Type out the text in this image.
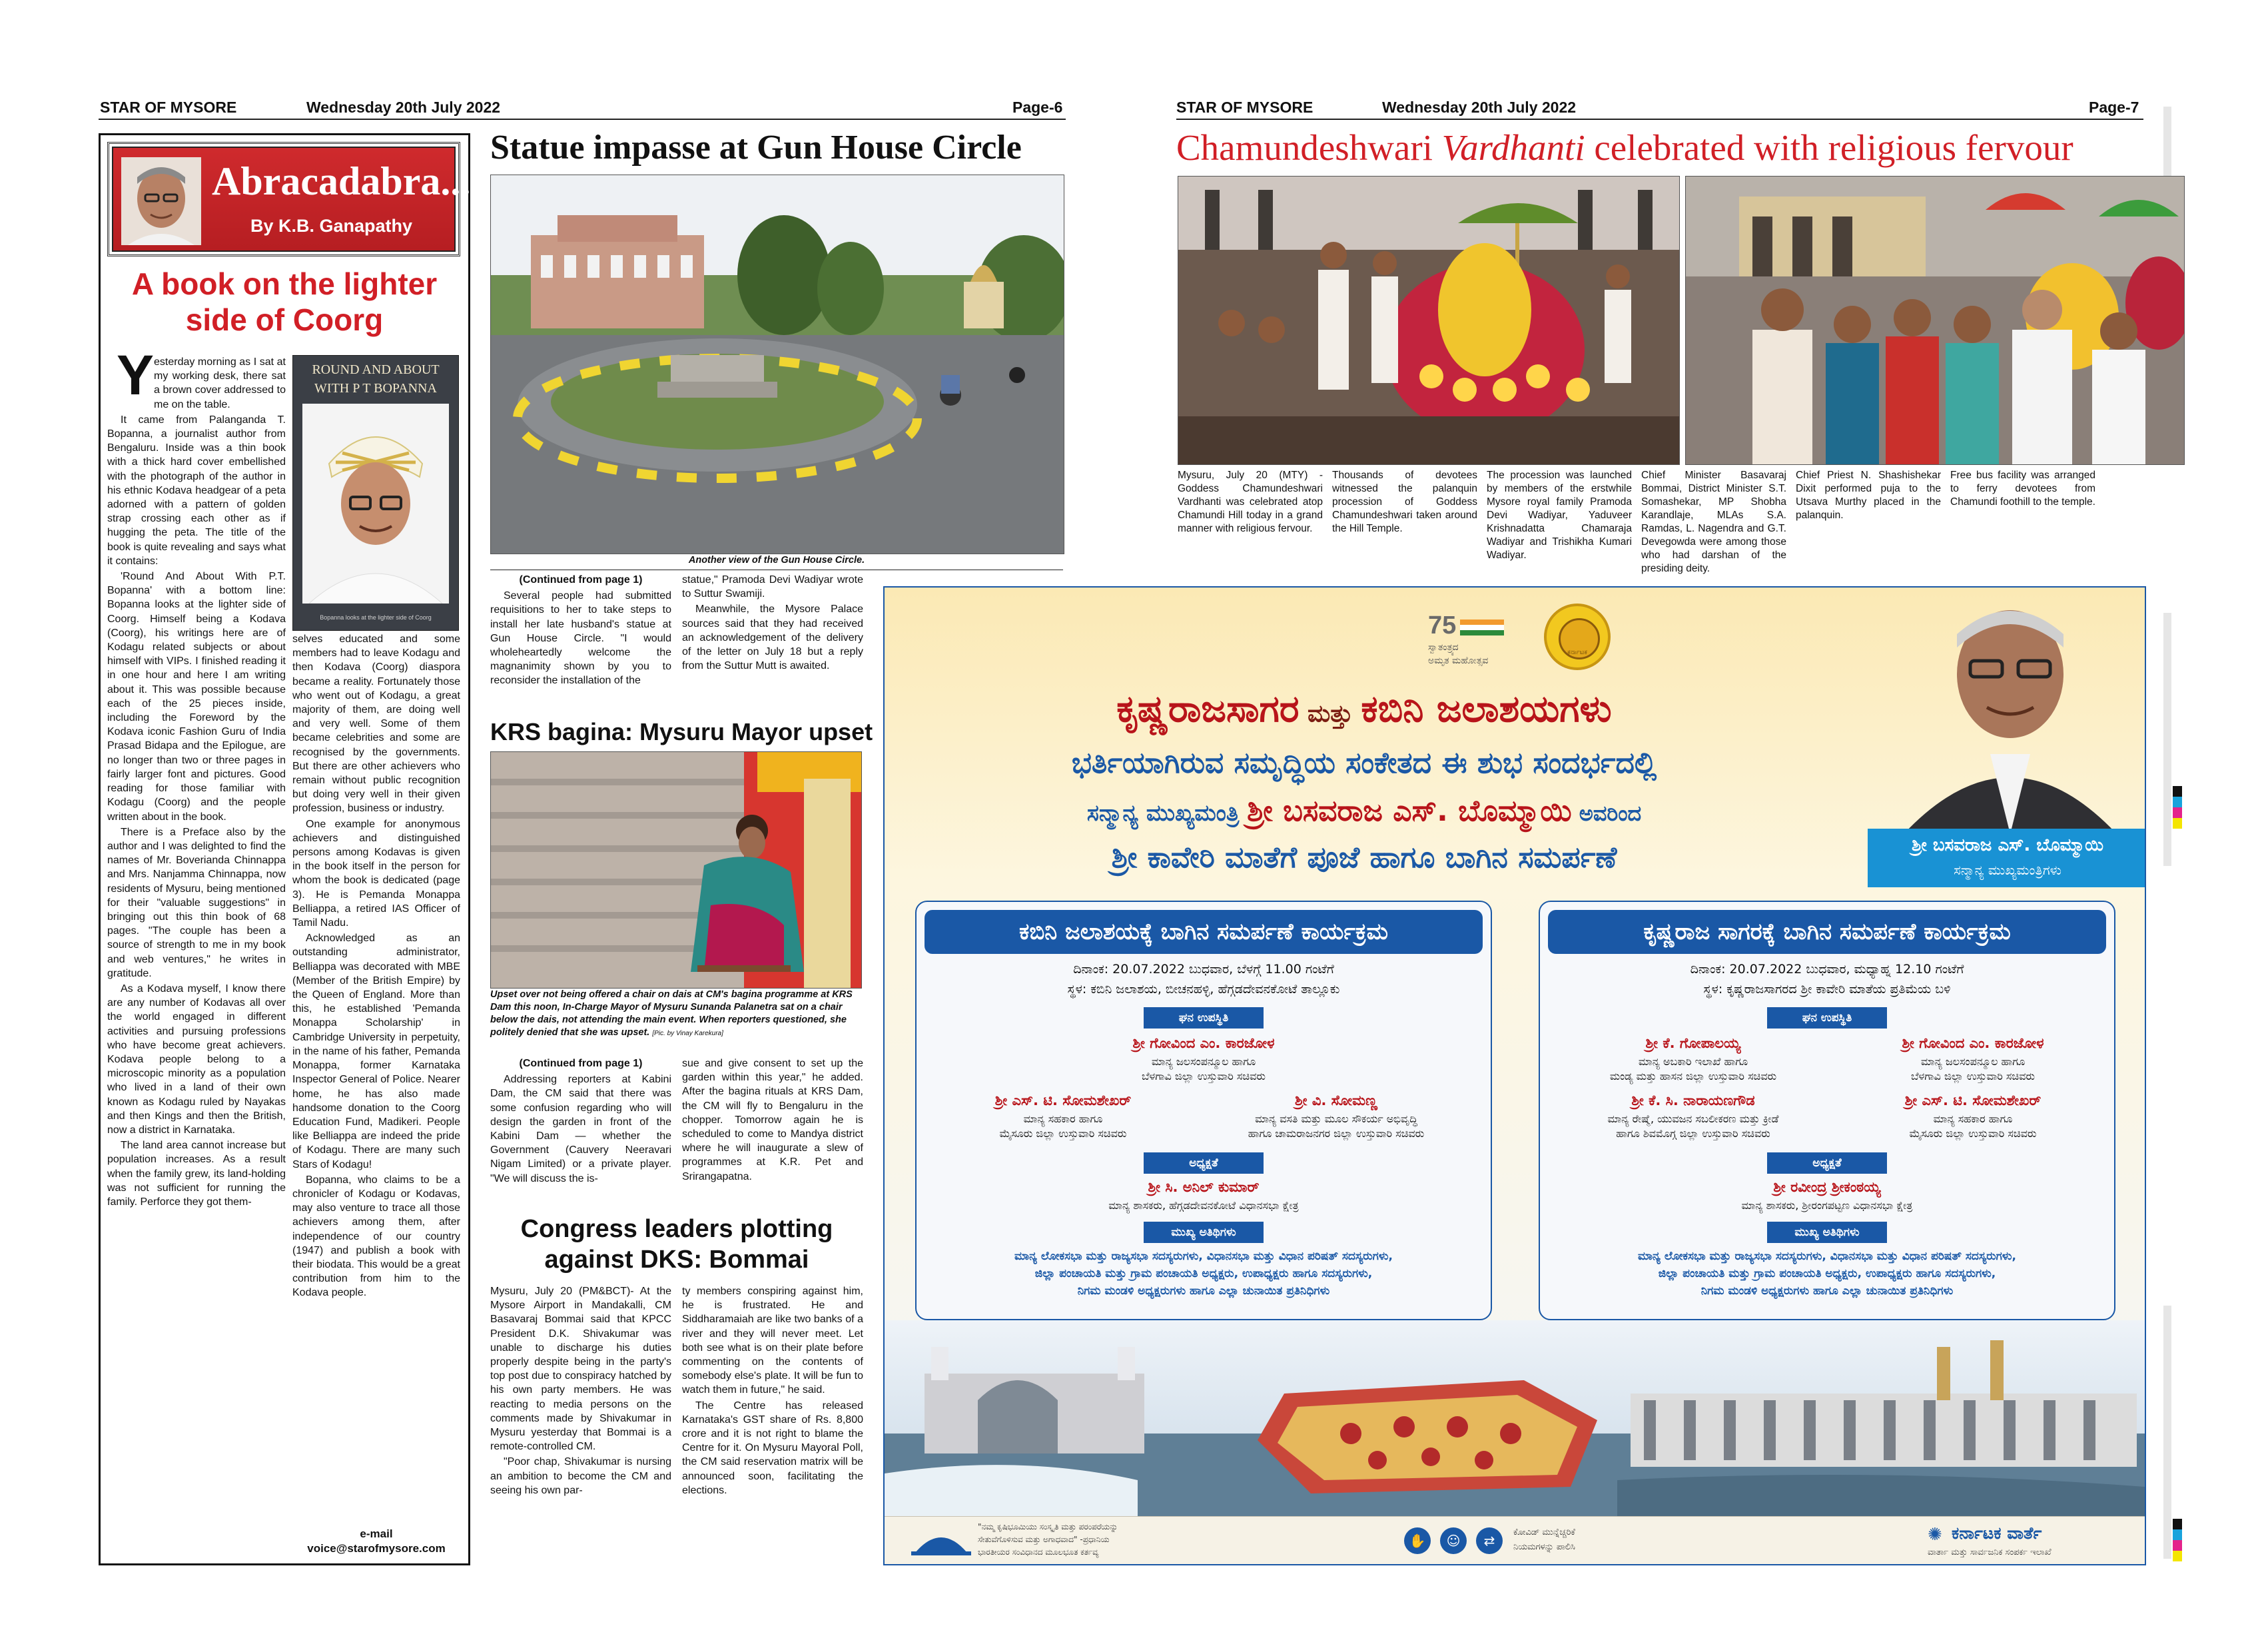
STAR OF MYSORE	Wednesday 20th July 2022	Page-6	STAR OF MYSORE	Wednesday 20th July 2022	Page-7
Abracadabra...
By K.B. Ganapathy
A book on the lighter
side of Coorg
ROUND AND ABOUT
WITH P T BOPANNA
Bopanna looks at the lighter side of Coorg
Y esterday morning as I sat at my working desk, there sat a brown cover addressed to me on the table.

It came from Palanganda T. Bopanna, a journalist author from Bengaluru. Inside was a thin book with a thick hard cover embellished with the photograph of the author in his ethnic Kodava headgear of a peta adorned with a pattern of golden strap crossing each other as if hugging the peta. The title of the book is quite revealing and says what it contains:

'Round And About With P.T. Bopanna' with a bottom line: Bopanna looks at the lighter side of Coorg. Himself being a Kodava (Coorg), his writings here are of Kodagu related subjects or about himself with VIPs. I finished reading it in one hour and here I am writing about it. This was possible because each of the 25 pieces inside, including the Foreword by the Kodava iconic Fashion Guru of India Prasad Bidapa and the Epilogue, are no longer than two or three pages in fairly larger font and pictures. Good reading for those familiar with Kodagu (Coorg) and the people written about in the book.

There is a Preface also by the author and I was delighted to find the names of Mr. Boverianda Chinnappa and Mrs. Nanjamma Chinnappa, now residents of Mysuru, being mentioned for their "valuable suggestions" in bringing out this thin book of 68 pages. "The couple has been a source of strength to me in my book and web ventures," he writes in gratitude.

As a Kodava myself, I know there are any number of Kodavas all over the world engaged in different activities and pursuing professions who have become great achievers. Kodava people belong to a microscopic minority as a population who lived in a land of their own known as Kodagu ruled by Nayakas and then Kings and then the British, now a district in Karnataka.

The land area cannot increase but population increases. As a result when the family grew, its land-holding was not sufficient for running the family. Perforce they got them-

selves educated and some members had to leave Kodagu and then Kodava (Coorg) diaspora became a reality. Fortunately those who went out of Kodagu, a great majority of them, are doing well and very well. Some of them became celebrities and some are recognised by the governments. But there are other achievers who remain without public recognition but doing very well in their given profession, business or industry.

One example for anonymous achievers and distinguished persons among Kodavas is given in the book itself in the person for whom the book is dedicated (page 3). He is Pemanda Monappa Belliappa, a retired IAS Officer of Tamil Nadu.

Acknowledged as an outstanding administrator, Belliappa was decorated with MBE (Member of the British Empire) by the Queen of England. More than this, he established 'Pemanda Monappa Scholarship' in Cambridge University in perpetuity, in the name of his father, Pemanda Monappa, former Karnataka Inspector General of Police. Nearer home, he has also made handsome donation to the Coorg Education Fund, Madikeri. People like Belliappa are indeed the pride of Kodagu. There are many such Stars of Kodagu!

Bopanna, who claims to be a chronicler of Kodagu or Kodavas, may also venture to trace all those achievers among them, after independence of our country (1947) and publish a book with their biodata. This would be a great contribution from him to the Kodava people.

e-mail
voice@starofmysore.com
Statue impasse at Gun House Circle
Another view of the Gun House Circle.

(Continued from page 1)

Several people had submitted requisitions to her to take steps to install her late husband's statue at Gun House Circle. "I would wholeheartedly welcome the magnanimity shown by you to reconsider the installation of the

statue," Pramoda Devi Wadiyar wrote to Suttur Swamiji.

Meanwhile, the Mysore Palace sources said that they had received an acknowledgement of the delivery of the letter on July 18 but a reply from the Suttur Mutt is awaited.

KRS bagina: Mysuru Mayor upset
Upset over not being offered a chair on dais at CM's bagina programme at KRS Dam this noon, In-Charge Mayor of Mysuru Sunanda Palanetra sat on a chair below the dais, not attending the main event. When reporters questioned, she politely denied that she was upset. [Pic. by Vinay Karekura]

(Continued from page 1)

Addressing reporters at Kabini Dam, the CM said that there was some confusion regarding who will design the garden in front of the Kabini Dam — whether the Government (Cauvery Neeravari Nigam Limited) or a private player. "We will discuss the is-

sue and give consent to set up the garden within this year," he added. After the bagina rituals at KRS Dam, the CM will fly to Bengaluru in the chopper. Tomorrow again he is scheduled to come to Mandya district where he will inaugurate a slew of programmes at K.R. Pet and Srirangapatna.

Congress leaders plotting
against DKS: Bommai

Mysuru, July 20 (PM&BCT)- At the Mysore Airport in Mandakalli, CM Basavaraj Bommai said that KPCC President D.K. Shivakumar was unable to discharge his duties properly despite being in the party's top post due to conspiracy hatched by his own party members. He was reacting to media persons on the comments made by Shivakumar in Mysuru yesterday that Bommai is a remote-controlled CM.

"Poor chap, Shivakumar is nursing an ambition to become the CM and seeing his own par-

ty members conspiring against him, he is frustrated. He and Siddharamaiah are like two banks of a river and they will never meet. Let both see what is on their plate before commenting on the contents of somebody else's plate. It will be fun to watch them in future," he said.

The Centre has released Karnataka's GST share of Rs. 8,800 crore and it is not right to blame the Centre for it. On Mysuru Mayoral Poll, the CM said reservation matrix will be announced soon, facilitating the elections.

Chamundeshwari Vardhanti celebrated with religious fervour

Mysuru, July 20 (MTY) - Goddess Chamundeshwari Vardhanti was celebrated atop Chamundi Hill today in a grand manner with religious fervour.

Thousands of devotees witnessed the palanquin procession of Goddess Chamundeshwari taken around the Hill Temple.

The procession was launched by members of the erstwhile Mysore royal family Pramoda Devi Wadiyar, Yaduveer Krishnadatta Chamaraja Wadiyar and Trishikha Kumari Wadiyar.

Chief Minister Basavaraj Bommai, District Minister S.T. Somashekar, MP Shobha Karandlaje, MLAs S.A. Ramdas, L. Nagendra and G.T. Devegowda were among those who had darshan of the presiding deity.

Chief Priest N. Shashishekar Dixit performed puja to the Utsava Murthy placed in the palanquin.

Free bus facility was arranged to ferry devotees from Chamundi foothill to the temple.

75
ಸ್ವಾತಂತ್ರ್ಯದ
ಅಮೃತ ಮಹೋತ್ಸವ
ಕರ್ನಾಟಕ
ಕೃಷ್ಣರಾಜಸಾಗರ ಮತ್ತು ಕಬಿನಿ ಜಲಾಶಯಗಳು
ಭರ್ತಿಯಾಗಿರುವ ಸಮೃದ್ಧಿಯ ಸಂಕೇತದ ಈ ಶುಭ ಸಂದರ್ಭದಲ್ಲಿ
ಸನ್ಮಾನ್ಯ ಮುಖ್ಯಮಂತ್ರಿ ಶ್ರೀ ಬಸವರಾಜ ಎಸ್. ಬೊಮ್ಮಾಯಿ ಅವರಿಂದ
ಶ್ರೀ ಕಾವೇರಿ ಮಾತೆಗೆ ಪೂಜೆ ಹಾಗೂ ಬಾಗಿನ ಸಮರ್ಪಣೆ	ಶ್ರೀ ಬಸವರಾಜ ಎಸ್. ಬೊಮ್ಮಾಯಿ
ಸನ್ಮಾನ್ಯ ಮುಖ್ಯಮಂತ್ರಿಗಳು
ಕಬಿನಿ ಜಲಾಶಯಕ್ಕೆ ಬಾಗಿನ ಸಮರ್ಪಣೆ ಕಾರ್ಯಕ್ರಮ
ದಿನಾಂಕ: 20.07.2022 ಬುಧವಾರ, ಬೆಳಗ್ಗೆ 11.00 ಗಂಟೆಗೆ
ಸ್ಥಳ: ಕಬಿನಿ ಜಲಾಶಯ, ಬೀಚನಹಳ್ಳಿ, ಹೆಗ್ಗಡದೇವನಕೋಟೆ ತಾಲ್ಲೂಕು
ಘನ ಉಪಸ್ಥಿತಿ
ಶ್ರೀ ಗೋವಿಂದ ಎಂ. ಕಾರಜೋಳ
ಮಾನ್ಯ ಜಲಸಂಪನ್ಮೂಲ ಹಾಗೂ
ಬೆಳಗಾವಿ ಜಿಲ್ಲಾ ಉಸ್ತುವಾರಿ ಸಚಿವರು
ಶ್ರೀ ಎಸ್. ಟಿ. ಸೋಮಶೇಖರ್
ಮಾನ್ಯ ಸಹಕಾರ ಹಾಗೂ
ಮೈಸೂರು ಜಿಲ್ಲಾ ಉಸ್ತುವಾರಿ ಸಚಿವರು
ಶ್ರೀ ವಿ. ಸೋಮಣ್ಣ
ಮಾನ್ಯ ವಸತಿ ಮತ್ತು ಮೂಲ ಸೌಕರ್ಯ ಅಭಿವೃದ್ಧಿ
ಹಾಗೂ ಚಾಮರಾಜನಗರ ಜಿಲ್ಲಾ ಉಸ್ತುವಾರಿ ಸಚಿವರು
ಅಧ್ಯಕ್ಷತೆ
ಶ್ರೀ ಸಿ. ಅನಿಲ್ ಕುಮಾರ್
ಮಾನ್ಯ ಶಾಸಕರು, ಹೆಗ್ಗಡದೇವನಕೋಟೆ ವಿಧಾನಸಭಾ ಕ್ಷೇತ್ರ
ಮುಖ್ಯ ಅತಿಥಿಗಳು
ಮಾನ್ಯ ಲೋಕಸಭಾ ಮತ್ತು ರಾಜ್ಯಸಭಾ ಸದಸ್ಯರುಗಳು, ವಿಧಾನಸಭಾ ಮತ್ತು ವಿಧಾನ ಪರಿಷತ್ ಸದಸ್ಯರುಗಳು,
ಜಿಲ್ಲಾ ಪಂಚಾಯತಿ ಮತ್ತು ಗ್ರಾಮ ಪಂಚಾಯತಿ ಅಧ್ಯಕ್ಷರು, ಉಪಾಧ್ಯಕ್ಷರು ಹಾಗೂ ಸದಸ್ಯರುಗಳು,
ನಿಗಮ ಮಂಡಳಿ ಅಧ್ಯಕ್ಷರುಗಳು ಹಾಗೂ ಎಲ್ಲಾ ಚುನಾಯಿತ ಪ್ರತಿನಿಧಿಗಳು
ಕೃಷ್ಣರಾಜ ಸಾಗರಕ್ಕೆ ಬಾಗಿನ ಸಮರ್ಪಣೆ ಕಾರ್ಯಕ್ರಮ
ದಿನಾಂಕ: 20.07.2022 ಬುಧವಾರ, ಮಧ್ಯಾಹ್ನ 12.10 ಗಂಟೆಗೆ
ಸ್ಥಳ: ಕೃಷ್ಣರಾಜಸಾಗರದ ಶ್ರೀ ಕಾವೇರಿ ಮಾತೆಯ ಪ್ರತಿಮೆಯ ಬಳಿ
ಘನ ಉಪಸ್ಥಿತಿ
ಶ್ರೀ ಕೆ. ಗೋಪಾಲಯ್ಯ
ಮಾನ್ಯ ಅಬಕಾರಿ ಇಲಾಖೆ ಹಾಗೂ
ಮಂಡ್ಯ ಮತ್ತು ಹಾಸನ ಜಿಲ್ಲಾ ಉಸ್ತುವಾರಿ ಸಚಿವರು
ಶ್ರೀ ಗೋವಿಂದ ಎಂ. ಕಾರಜೋಳ
ಮಾನ್ಯ ಜಲಸಂಪನ್ಮೂಲ ಹಾಗೂ
ಬೆಳಗಾವಿ ಜಿಲ್ಲಾ ಉಸ್ತುವಾರಿ ಸಚಿವರು
ಶ್ರೀ ಕೆ. ಸಿ. ನಾರಾಯಣಗೌಡ
ಮಾನ್ಯ ರೇಷ್ಮೆ, ಯುವಜನ ಸಬಲೀಕರಣ ಮತ್ತು ಕ್ರೀಡೆ
ಹಾಗೂ ಶಿವಮೊಗ್ಗ ಜಿಲ್ಲಾ ಉಸ್ತುವಾರಿ ಸಚಿವರು
ಶ್ರೀ ಎಸ್. ಟಿ. ಸೋಮಶೇಖರ್
ಮಾನ್ಯ ಸಹಕಾರ ಹಾಗೂ
ಮೈಸೂರು ಜಿಲ್ಲಾ ಉಸ್ತುವಾರಿ ಸಚಿವರು
ಅಧ್ಯಕ್ಷತೆ
ಶ್ರೀ ರವೀಂದ್ರ ಶ್ರೀಕಂಠಯ್ಯ
ಮಾನ್ಯ ಶಾಸಕರು, ಶ್ರೀರಂಗಪಟ್ಟಣ ವಿಧಾನಸಭಾ ಕ್ಷೇತ್ರ
ಮುಖ್ಯ ಅತಿಥಿಗಳು
ಮಾನ್ಯ ಲೋಕಸಭಾ ಮತ್ತು ರಾಜ್ಯಸಭಾ ಸದಸ್ಯರುಗಳು, ವಿಧಾನಸಭಾ ಮತ್ತು ವಿಧಾನ ಪರಿಷತ್ ಸದಸ್ಯರುಗಳು,
ಜಿಲ್ಲಾ ಪಂಚಾಯತಿ ಮತ್ತು ಗ್ರಾಮ ಪಂಚಾಯತಿ ಅಧ್ಯಕ್ಷರು, ಉಪಾಧ್ಯಕ್ಷರು ಹಾಗೂ ಸದಸ್ಯರುಗಳು,
ನಿಗಮ ಮಂಡಳಿ ಅಧ್ಯಕ್ಷರುಗಳು ಹಾಗೂ ಎಲ್ಲಾ ಚುನಾಯಿತ ಪ್ರತಿನಿಧಿಗಳು
"ನಮ್ಮ ಕೃಷಿಭೂಮಿಯು ಸಂಸ್ಕೃತಿ ಮತ್ತು ಪರಂಪರೆಯನ್ನು
ಸೇತುವೆಗೊಳಿಸುವ ಮತ್ತು ಅಗಾಧವಾದ" -ಪ್ರಧಾನಿಯ
ಭಾರತೀಯರ ಸಂವಿಧಾನದ ಮೂಲಭೂತ ಕರ್ತವ್ಯ
✋	☺	⇄
ಕೋವಿಡ್ ಮುನ್ನೆಚ್ಚರಿಕೆ
ನಿಯಮಗಳನ್ನು ಪಾಲಿಸಿ
✺ ಕರ್ನಾಟಕ ವಾರ್ತೆ
ವಾರ್ತಾ ಮತ್ತು ಸಾರ್ವಜನಿಕ ಸಂಪರ್ಕ ಇಲಾಖೆ
